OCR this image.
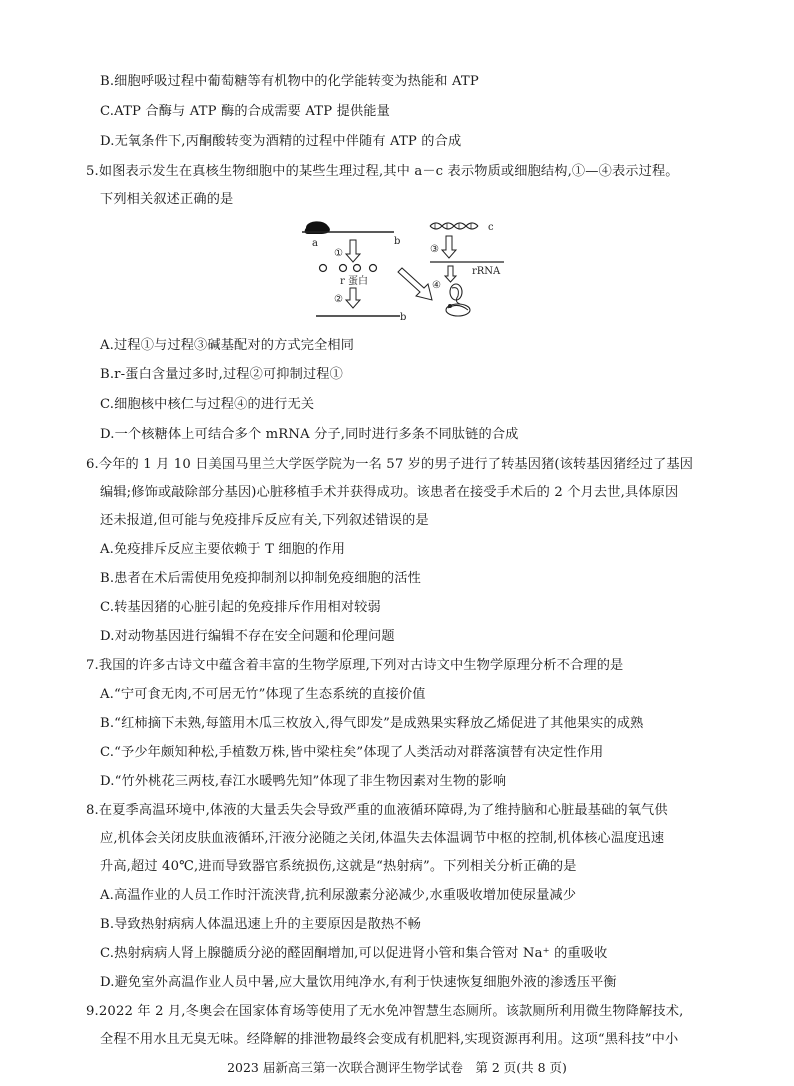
B.细胞呼吸过程中葡萄糖等有机物中的化学能转变为热能和 ATP
C.ATP 合酶与 ATP 酶的合成需要 ATP 提供能量
D.无氧条件下,丙酮酸转变为酒精的过程中伴随有 ATP 的合成
5.如图表示发生在真核生物细胞中的某些生理过程,其中 a－c 表示物质或细胞结构,①—④表示过程。
下列相关叙述正确的是
a	b
①
r 蛋白
②
b
c
③
rRNA
④
A.过程①与过程③碱基配对的方式完全相同
B.r-蛋白含量过多时,过程②可抑制过程①
C.细胞核中核仁与过程④的进行无关
D.一个核糖体上可结合多个 mRNA 分子,同时进行多条不同肽链的合成
6.今年的 1 月 10 日美国马里兰大学医学院为一名 57 岁的男子进行了转基因猪(该转基因猪经过了基因
编辑;修饰或敲除部分基因)心脏移植手术并获得成功。该患者在接受手术后的 2 个月去世,具体原因
还未报道,但可能与免疫排斥反应有关,下列叙述错误的是
A.免疫排斥反应主要依赖于 T 细胞的作用
B.患者在术后需使用免疫抑制剂以抑制免疫细胞的活性
C.转基因猪的心脏引起的免疫排斥作用相对较弱
D.对动物基因进行编辑不存在安全问题和伦理问题
7.我国的许多古诗文中蕴含着丰富的生物学原理,下列对古诗文中生物学原理分析不合理的是
A.“宁可食无肉,不可居无竹”体现了生态系统的直接价值
B.“红柿摘下未熟,每篮用木瓜三枚放入,得气即发”是成熟果实释放乙烯促进了其他果实的成熟
C.“予少年颇知种松,手植数万株,皆中梁柱矣”体现了人类活动对群落演替有决定性作用
D.“竹外桃花三两枝,春江水暖鸭先知”体现了非生物因素对生物的影响
8.在夏季高温环境中,体液的大量丢失会导致严重的血液循环障碍,为了维持脑和心脏最基础的氧气供
应,机体会关闭皮肤血液循环,汗液分泌随之关闭,体温失去体温调节中枢的控制,机体核心温度迅速
升高,超过 40℃,进而导致器官系统损伤,这就是“热射病”。下列相关分析正确的是
A.高温作业的人员工作时汗流浃背,抗利尿激素分泌减少,水重吸收增加使尿量减少
B.导致热射病病人体温迅速上升的主要原因是散热不畅
C.热射病病人肾上腺髓质分泌的醛固酮增加,可以促进肾小管和集合管对 Na⁺ 的重吸收
D.避免室外高温作业人员中暑,应大量饮用纯净水,有利于快速恢复细胞外液的渗透压平衡
9.2022 年 2 月,冬奥会在国家体育场等使用了无水免冲智慧生态厕所。该款厕所利用微生物降解技术,
全程不用水且无臭无味。经降解的排泄物最终会变成有机肥料,实现资源再利用。这项“黑科技”中小
2023 届新高三第一次联合测评生物学试卷　第 2 页(共 8 页)
